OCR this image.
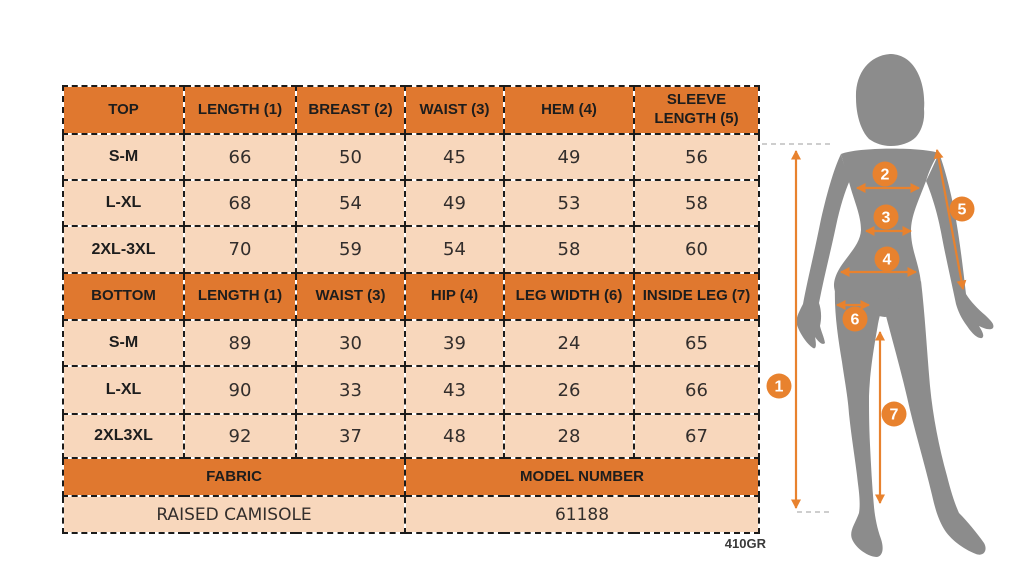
TOP	LENGTH (1)	BREAST (2)	WAIST (3)	HEM (4)	SLEEVE LENGTH (5)
S-M	66	50	45	49	56
L-XL	68	54	49	53	58
2XL-3XL	70	59	54	58	60
BOTTOM	LENGTH (1)	WAIST (3)	HIP (4)	LEG WIDTH (6)	INSIDE LEG (7)
S-M	89	30	39	24	65
L-XL	90	33	43	26	66
2XL3XL	92	37	48	28	67
FABRIC			MODEL NUMBER		
RAISED CAMISOLE			61188		
410GR
1
2
3
4
5
6
7
